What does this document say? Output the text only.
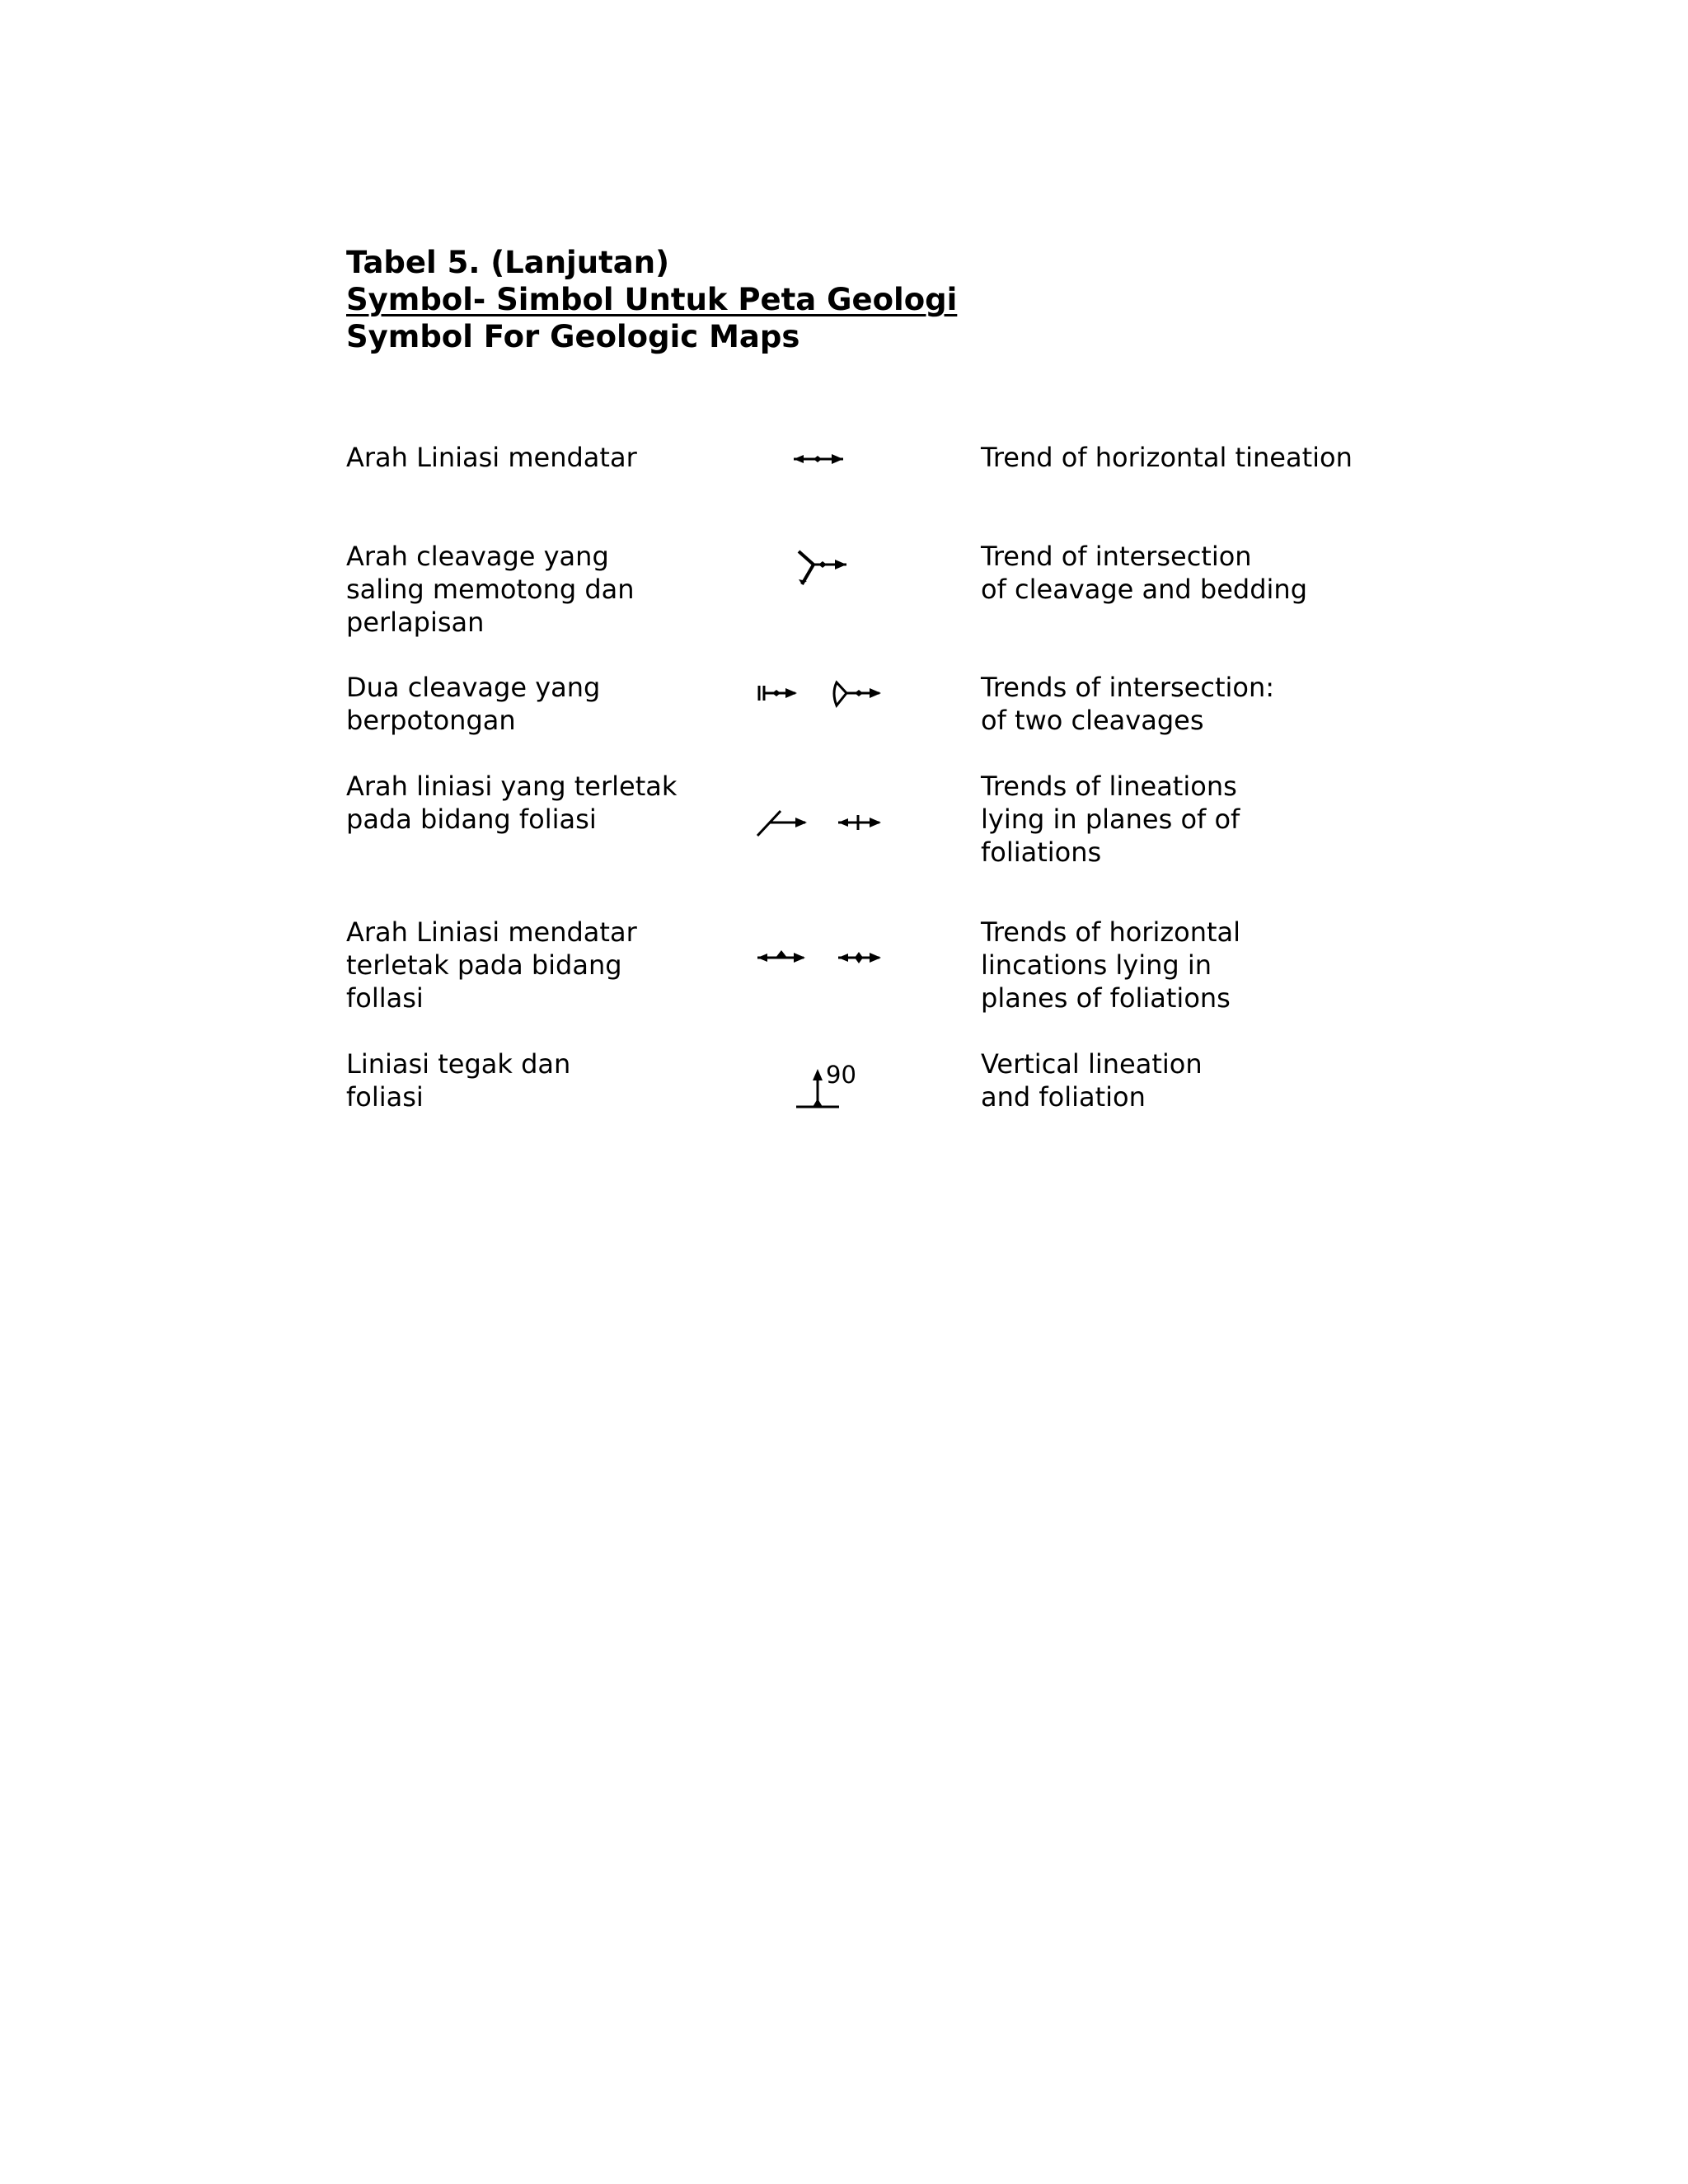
Tabel 5. (Lanjutan)
Symbol- Simbol Untuk Peta Geologi
Symbol For Geologic Maps
Arah Liniasi mendatar	Trend of horizontal tineation
Arah cleavage yang
saling memotong dan
perlapisan
Trend of intersection
of cleavage and bedding
Dua cleavage yang
berpotongan
Trends of intersection:
of two cleavages
Arah liniasi yang terletak
pada bidang foliasi
Trends of lineations
lying in planes of of
foliations
Arah Liniasi mendatar
terletak pada bidang
follasi
Trends of horizontal
lincations lying in
planes of foliations
Liniasi tegak dan
foliasi
90	Vertical lineation
and foliation
